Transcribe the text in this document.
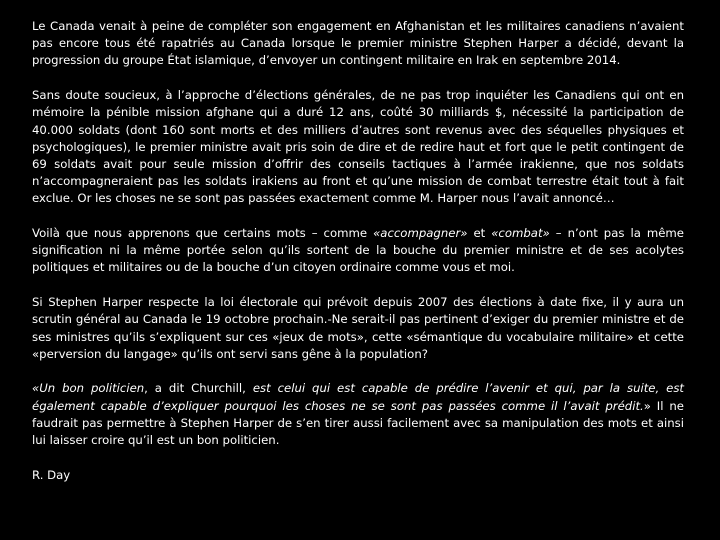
Le Canada venait à peine de compléter son engagement en Afghanistan et les militaires canadiens n’avaient pas encore tous été rapatriés au Canada lorsque le premier ministre Stephen Harper a décidé, devant la progression du groupe État islamique, d’envoyer un contingent militaire en Irak en septembre 2014.

Sans doute soucieux, à l’approche d’élections générales, de ne pas trop inquiéter les Canadiens qui ont en mémoire la pénible mission afghane qui a duré 12 ans, coûté 30 milliards $, nécessité la participation de 40.000 soldats (dont 160 sont morts et des milliers d’autres sont revenus avec des séquelles physiques et psychologiques), le premier ministre avait pris soin de dire et de redire haut et fort que le petit contingent de 69 soldats avait pour seule mission d’offrir des conseils tactiques à l’armée irakienne, que nos soldats n’accompagneraient pas les soldats irakiens au front et qu’une mission de combat terrestre était tout à fait exclue. Or les choses ne se sont pas passées exactement comme M. Harper nous l’avait annoncé…

Voilà que nous apprenons que certains mots – comme «accompagner» et «combat» – n’ont pas la même signification ni la même portée selon qu’ils sortent de la bouche du premier ministre et de ses acolytes politiques et militaires ou de la bouche d’un citoyen ordinaire comme vous et moi.

Si Stephen Harper respecte la loi électorale qui prévoit depuis 2007 des élections à date fixe, il y aura un scrutin général au Canada le 19 octobre prochain.-Ne serait-il pas pertinent d’exiger du premier ministre et de ses ministres qu’ils s’expliquent sur ces «jeux de mots», cette «sémantique du vocabulaire militaire» et cette «perversion du langage» qu’ils ont servi sans gêne à la population?

«Un bon politicien, a dit Churchill, est celui qui est capable de prédire l’avenir et qui, par la suite, est également capable d’expliquer pourquoi les choses ne se sont pas passées comme il l’avait prédit.» Il ne faudrait pas permettre à Stephen Harper de s’en tirer aussi facilement avec sa manipulation des mots et ainsi lui laisser croire qu’il est un bon politicien.

R. Day
